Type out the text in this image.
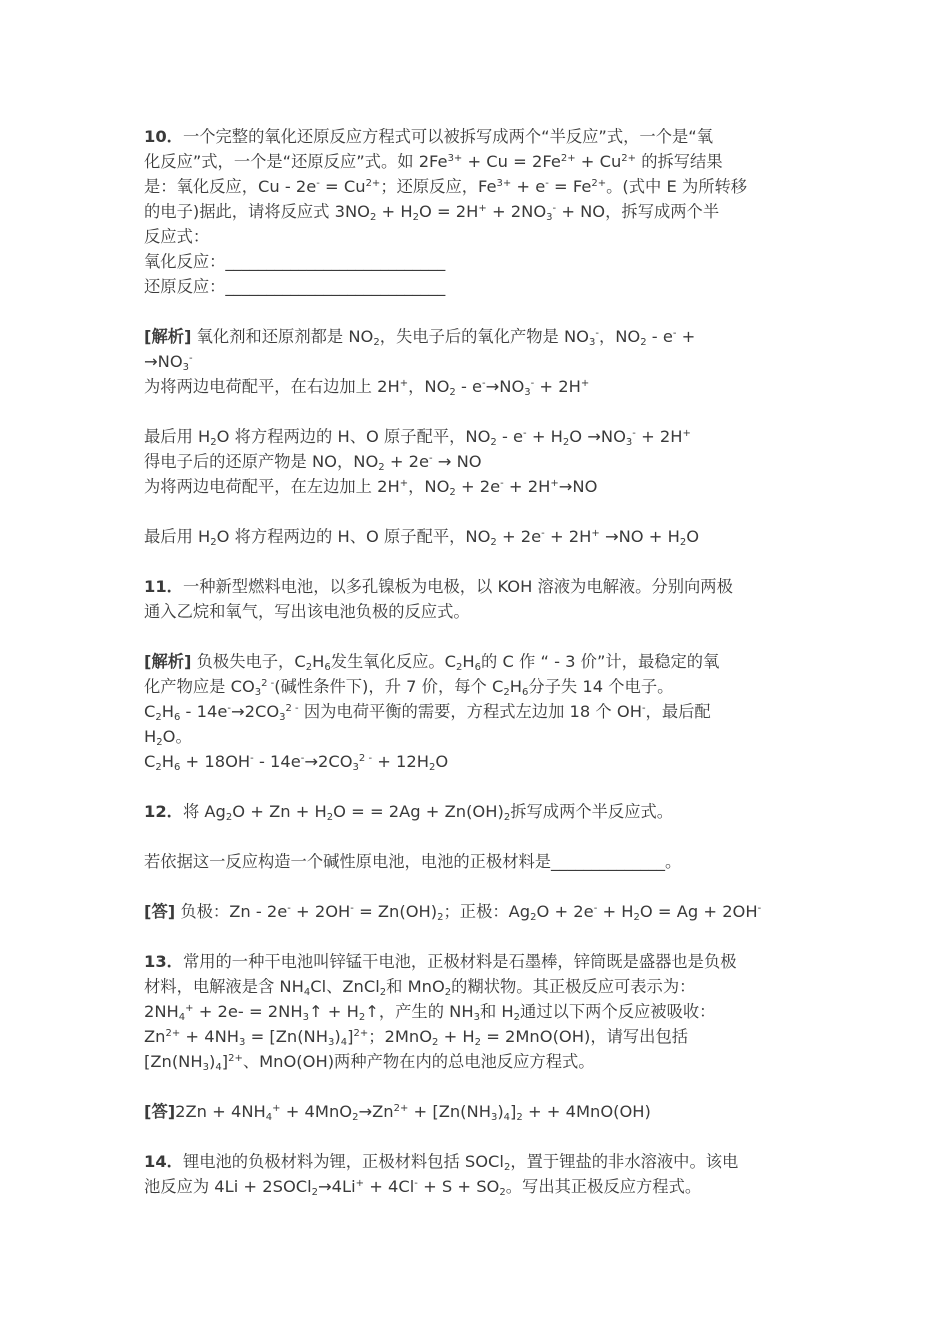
10．一个完整的氧化还原反应方程式可以被拆写成两个“半反应”式，一个是“氧
化反应”式，一个是“还原反应”式。如 $2Fe^{3+} + Cu = 2Fe^{2+} + Cu^{2+}$ 的拆写结果
是：氧化反应，$Cu - 2e^- = Cu^{2+}$；还原反应，$Fe^{3+} + e^- = Fe^{2+}$。(式中 E 为所转移
的电子)据此，请将反应式 $3NO_2 + H_2O = 2H^+ + 2NO_3^-$ + NO，拆写成两个半
反应式：
氧化反应：___________________________
还原反应：___________________________
[解析] 氧化剂和还原剂都是 $NO_2$，失电子后的氧化产物是 $NO_3^-$，$NO_2 - e^-$ +
$\to NO_3^-$
为将两边电荷配平，在右边加上 2H+，$NO_2 - e^-\to NO_3^- + 2H^+$
最后用 $H_2O$ 将方程两边的 H、O 原子配平，$NO_2 - e^- + H_2O \to NO_3^- + 2H^+$
得电子后的还原产物是 NO，$NO_2 + 2e^-$ → NO
为将两边电荷配平，在左边加上 2H+，$NO_2 + 2e^- + 2H^+\to NO$
最后用 $H_2O$ 将方程两边的 H、O 原子配平，$NO_2 + 2e^- + 2H^+ \to NO + H_2O$
11．一种新型燃料电池，以多孔镍板为电极，以 KOH 溶液为电解液。分别向两极
通入乙烷和氧气，写出该电池负极的反应式。
[解析] 负极失电子，$C_2H_6$发生氧化反应。$C_2H_6$的 C 作 “ - 3 价”计，最稳定的氧
化产物应是 $CO_3^{2 -}$(碱性条件下)，升 7 价，每个 $C_2H_6$分子失 14 个电子。
$C_2H_6 - 14e^-\to 2CO_3^{2 -}$ 因为电荷平衡的需要，方程式左边加 18 个 OH-，最后配
$H_2O$。
$C_2H_6 + 18OH^- - 14e^-\to 2CO_3^{2 -} + 12H_2O$
12．将 $Ag_2O + Zn + H_2O$ = = $2Ag + Zn(OH)_2$拆写成两个半反应式。
若依据这一反应构造一个碱性原电池，电池的正极材料是______________。
[答] 负极：$Zn - 2e^- + 2OH^- = Zn(OH)_2$；正极：$Ag_2O + 2e^- + H_2O = Ag + 2OH^-$
13．常用的一种干电池叫锌锰干电池，正极材料是石墨棒，锌筒既是盛器也是负极
材料，电解液是含 $NH_4Cl$、ZnCl$_2$和 MnO$_2$的糊状物。其正极反应可表示为：
$2NH_4^+ + 2e-$ = $2NH_3↑$ + $H_2↑$，产生的 $NH_3$和 $H_2$通过以下两个反应被吸收：
$Zn^{2+} + 4NH_3 = [Zn(NH_3)_4]^{2+}$；$2MnO_2 + H_2 = 2MnO(OH)$，请写出包括
$[Zn(NH_3)_4]^{2+}$、MnO(OH)两种产物在内的总电池反应方程式。
[答]$2Zn + 4NH_4^+ + 4MnO_2\to Zn^{2+} + [Zn(NH_3)_4]_2$ + + 4MnO(OH)
14．锂电池的负极材料为锂，正极材料包括 SOCl$_2$，置于锂盐的非水溶液中。该电
池反应为 4Li + 2SOCl$_2$→4Li+ + $4Cl^- + S + SO_2$。写出其正极反应方程式。
